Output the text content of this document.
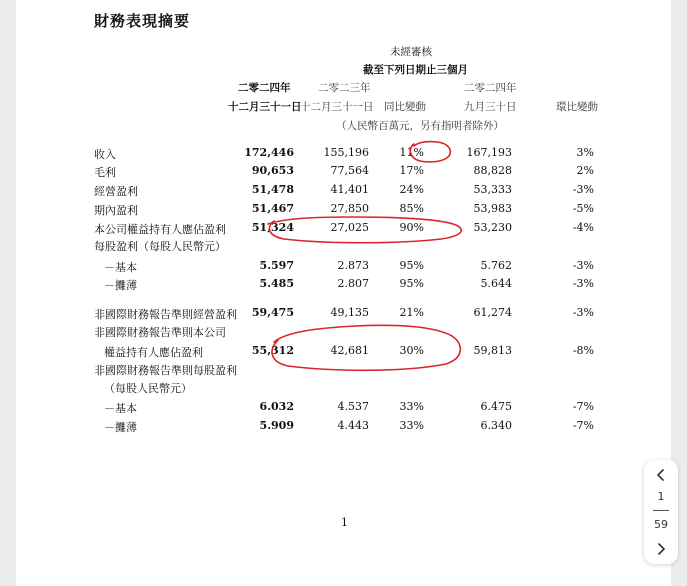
財務表現摘要
未經審核
截至下列日期止三個月
二零二四年
十二月三十一日
二零二三年
十二月三十一日 同比變動
二零二四年
九月三十日	環比變動
（人民幣百萬元，另有指明者除外）
收入	172,446	155,196	11%	167,193	3%
毛利	90,653	77,564	17%	88,828	2%
經營盈利	51,478	41,401	24%	53,333	-3%
期內盈利	51,467	27,850	85%	53,983	-5%
本公司權益持有人應佔盈利 51,324	27,025	90%	53,230	-4%
每股盈利（每股人民幣元）
－基本	5.597	2.873	95%	5.762	-3%
－攤薄	5.485	2.807	95%	5.644	-3%
非國際財務報告準則經營盈利 59,475	49,135	21%	61,274	-3%
非國際財務報告準則本公司
權益持有人應佔盈利	55,312	42,681	30%	59,813	-8%
非國際財務報告準則每股盈利
（每股人民幣元）
－基本	6.032	4.537	33%	6.475	-7%
－攤薄	5.909	4.443	33%	6.340	-7%
1
1
59
